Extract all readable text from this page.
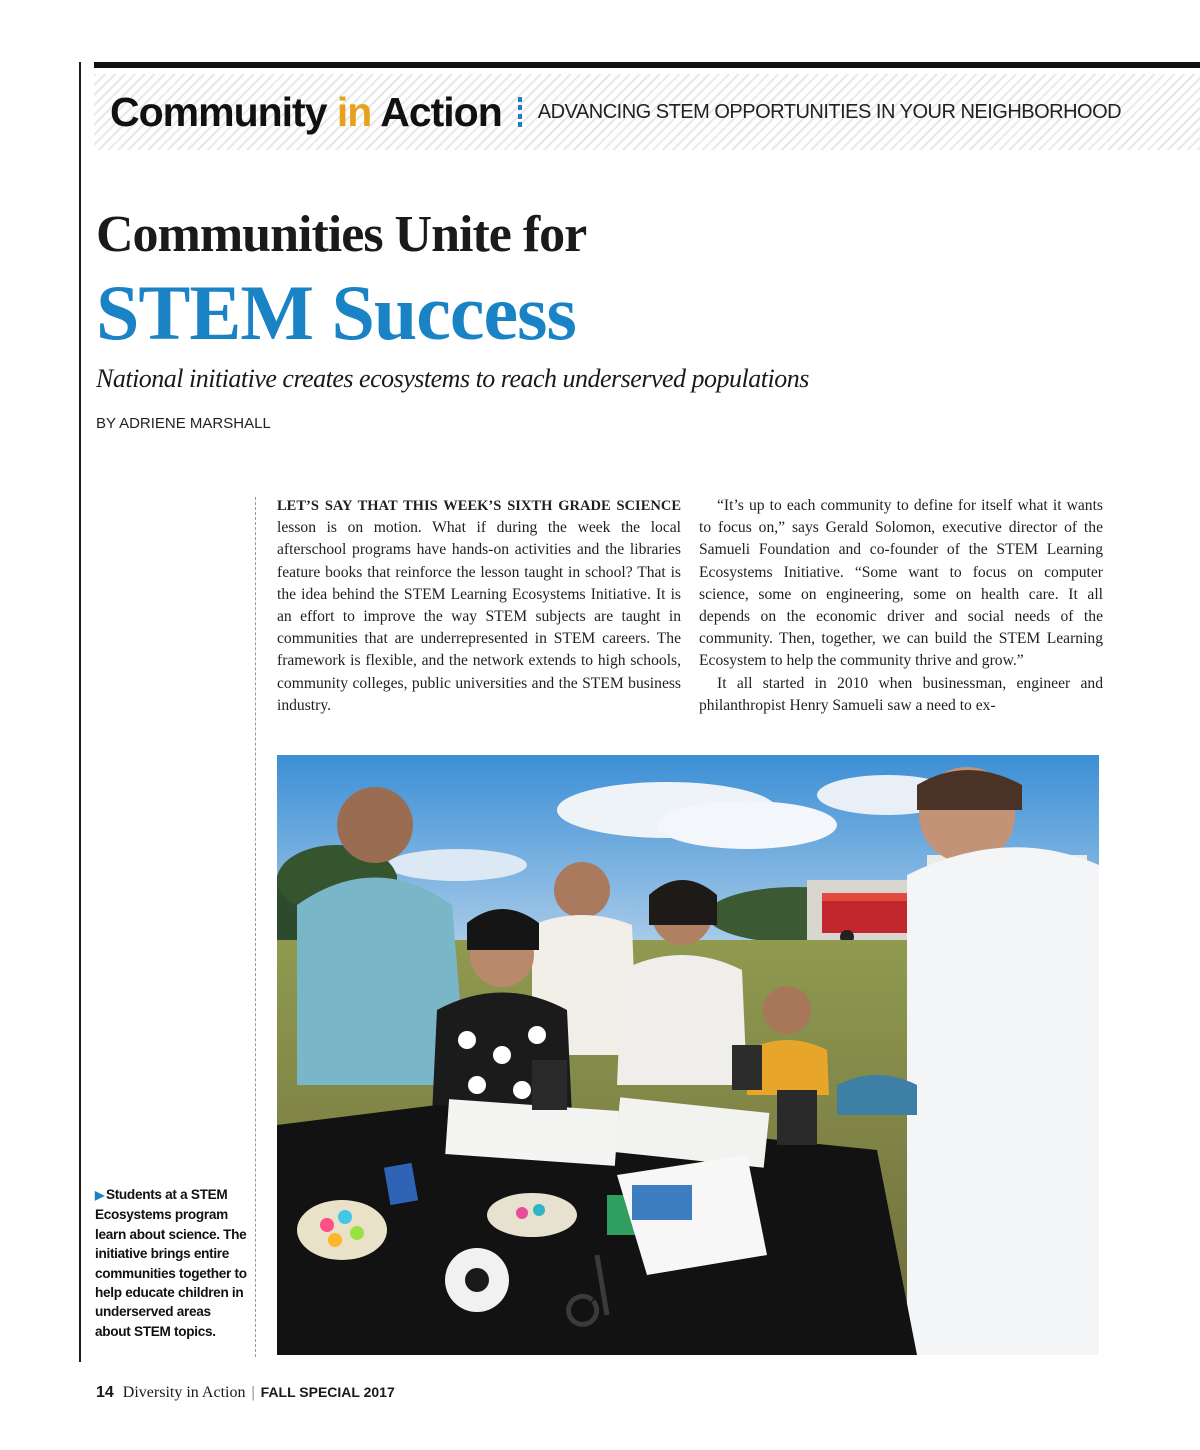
Community in Action ADVANCING STEM OPPORTUNITIES IN YOUR NEIGHBORHOOD
Communities Unite for
STEM Success
National initiative creates ecosystems to reach underserved populations
BY ADRIENE MARSHALL

LET’S SAY THAT THIS WEEK’S SIXTH GRADE SCIENCE lesson is on motion. What if during the week the local afterschool programs have hands-on activities and the libraries feature books that reinforce the lesson taught in school? That is the idea behind the STEM Learning Ecosystems Initiative. It is an effort to improve the way STEM subjects are taught in communities that are underrepresented in STEM careers. The framework is flexible, and the network extends to high schools, community colleges, public universities and the STEM business industry.

“It’s up to each community to define for itself what it wants to focus on,” says Gerald Solomon, executive director of the Samueli Foundation and co-founder of the STEM Learning Ecosystems Initiative. “Some want to focus on computer science, some on engineering, some on health care. It all depends on the economic driver and social needs of the community. Then, together, we can build the STEM Learning Ecosystem to help the community thrive and grow.”

It all started in 2010 when businessman, engineer and philanthropist Henry Samueli saw a need to ex-

▶ Students at a STEM Ecosystems program learn about science. The initiative brings entire communities together to help educate children in underserved areas about STEM topics.
14 Diversity in Action | FALL SPECIAL 2017
